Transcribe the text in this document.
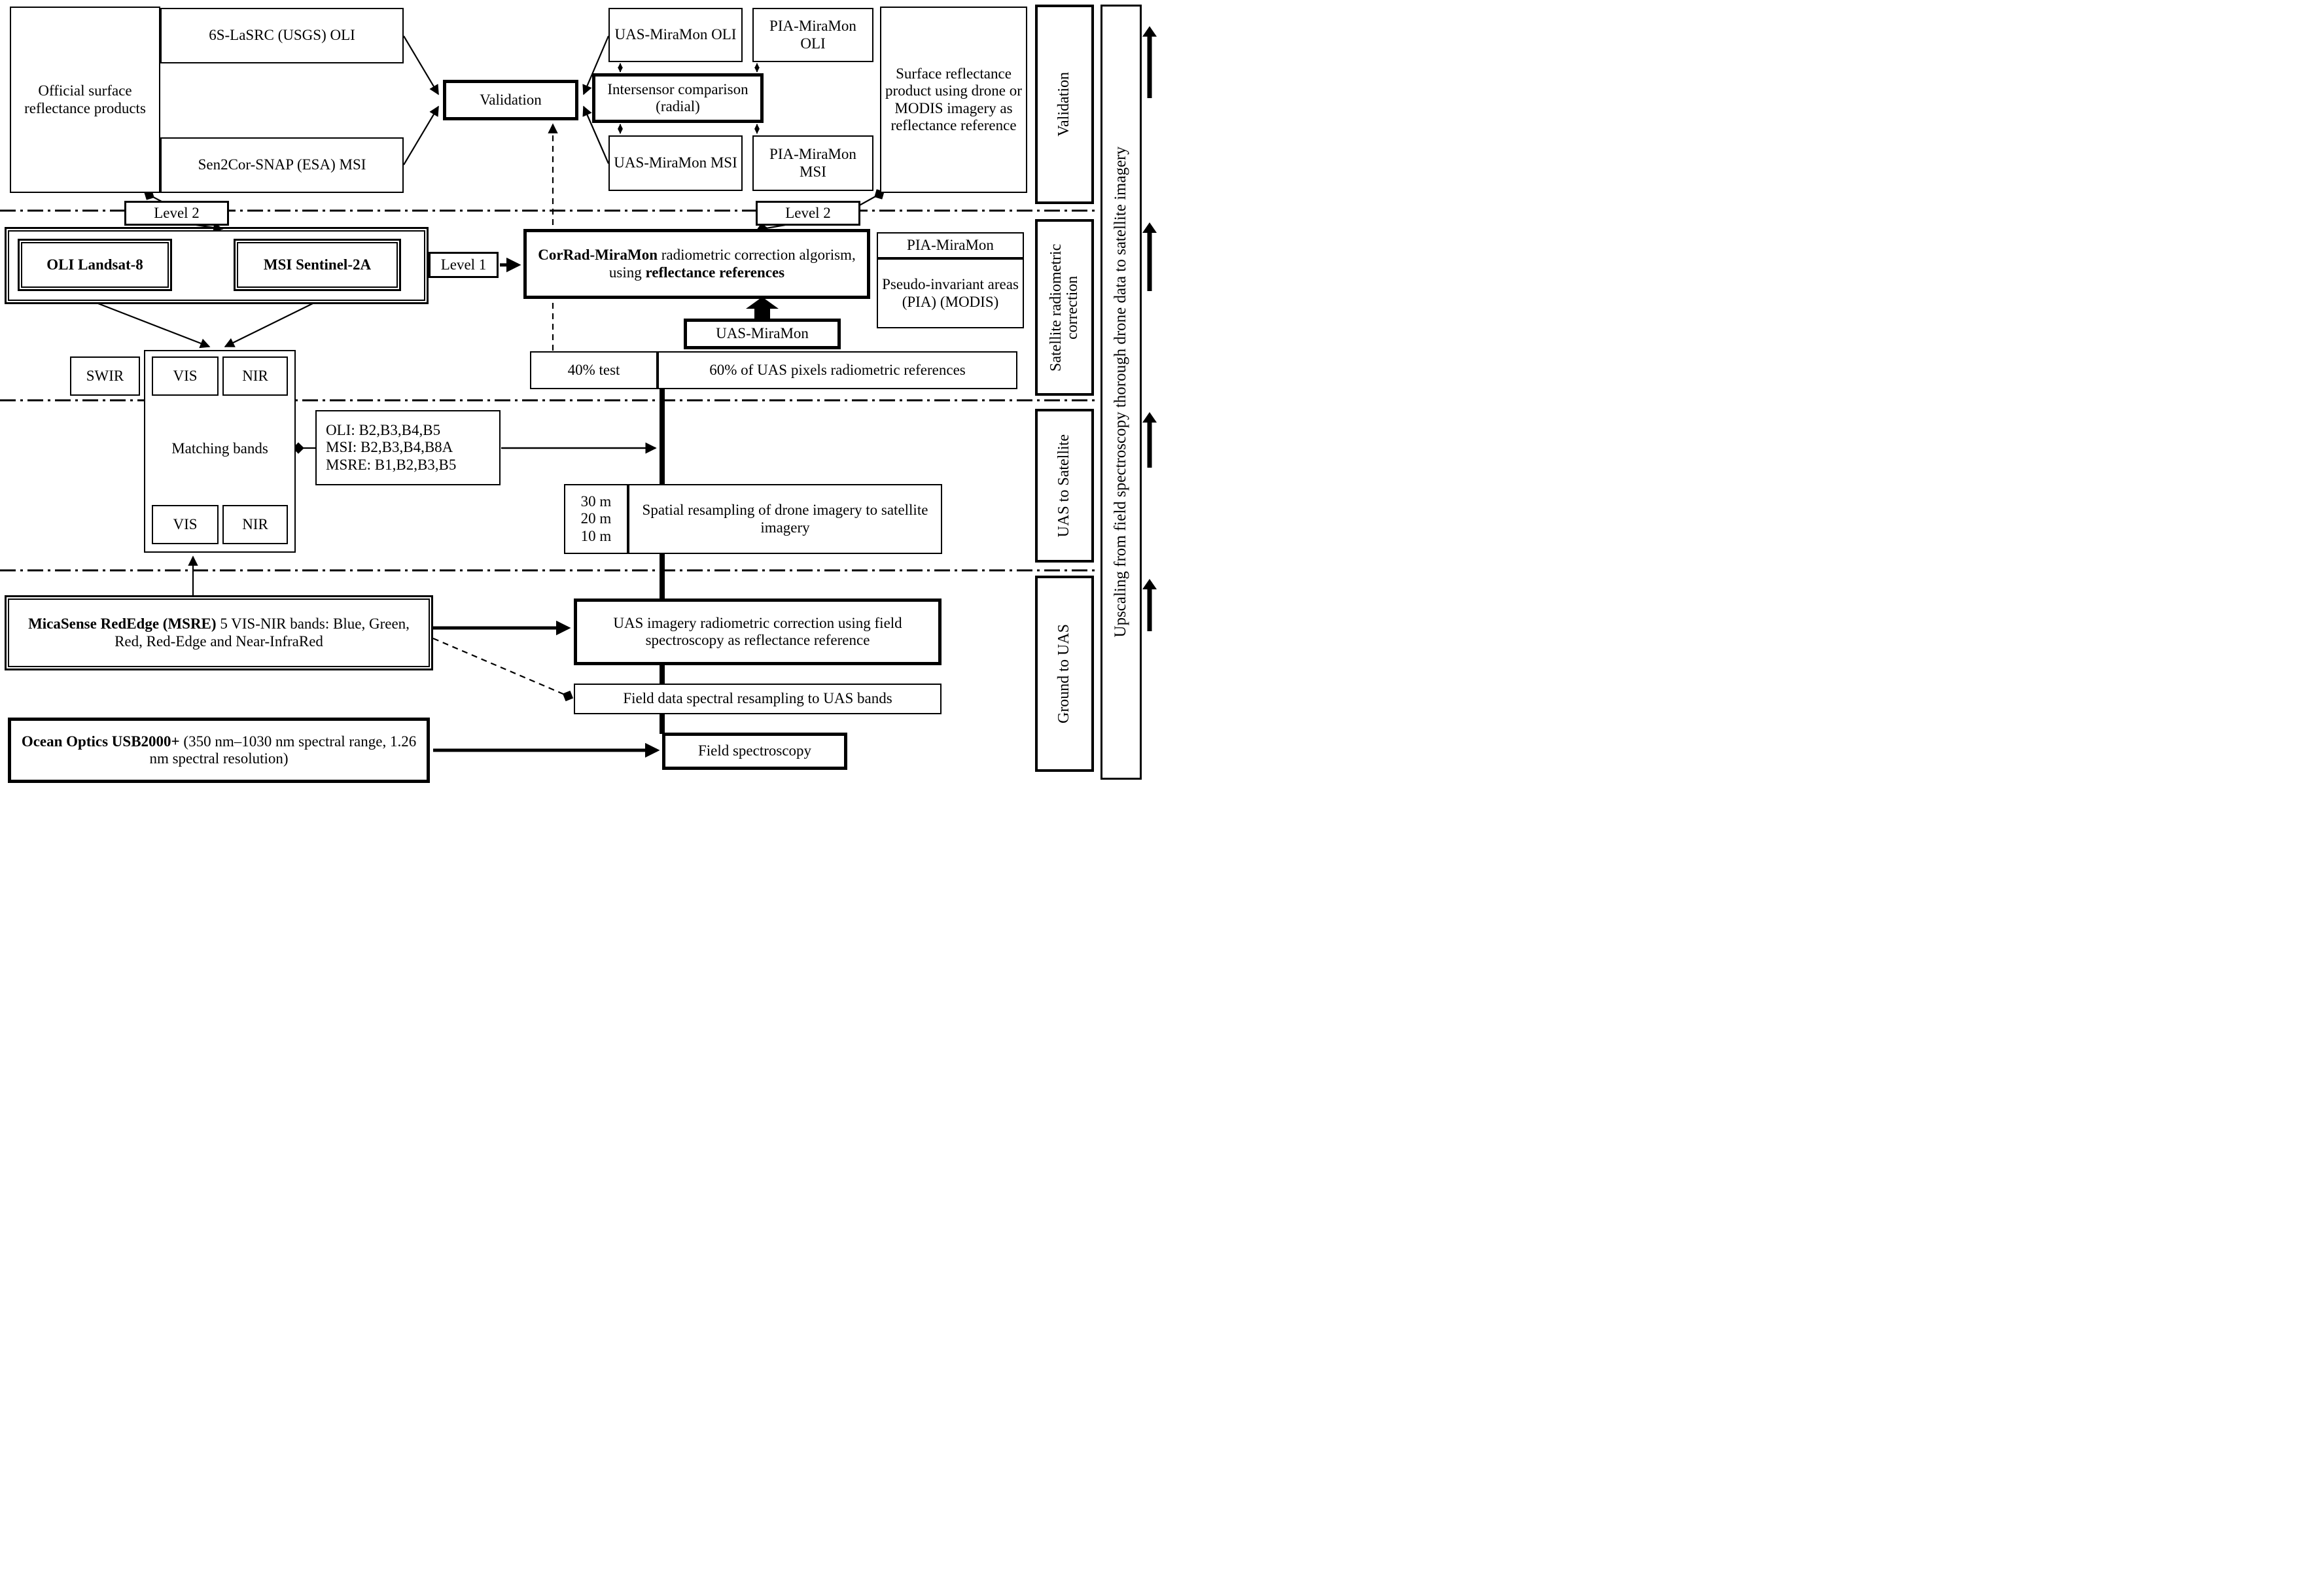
Official surface reflectance products
6S-LaSRC (USGS) OLI
Sen2Cor-SNAP (ESA) MSI
Validation
UAS-MiraMon OLI
PIA-MiraMon OLI
Intersensor comparison (radial)
UAS-MiraMon MSI
PIA-MiraMon MSI
Surface reflectance product using drone or MODIS imagery as reflectance reference
Level 2	Level 2
OLI Landsat-8	MSI Sentinel-2A	Level 1
CorRad-MiraMon radiometric correction algorism, using reflectance references
PIA-MiraMon
Pseudo-invariant areas (PIA) (MODIS)
UAS-MiraMon
40% test	60% of UAS pixels radiometric references
SWIR	VIS	NIR
Matching bands
VIS	NIR
OLI: B2,B3,B4,B5
MSI: B2,B3,B4,B8A
MSRE: B1,B2,B3,B5
30 m
20 m
10 m
Spatial resampling of drone imagery to satellite imagery
MicaSense RedEdge (MSRE) 5 VIS-NIR bands: Blue, Green, Red, Red-Edge and Near-InfraRed
UAS imagery radiometric correction using field spectroscopy as reflectance reference
Field data spectral resampling to UAS bands
Ocean Optics USB2000+ (350 nm–1030 nm spectral range, 1.26 nm spectral resolution)	Field spectroscopy
Validation
Satellite radiometric correction
UAS to Satellite
Ground to UAS
Upscaling from field spectroscopy thorough drone data to satellite imagery
